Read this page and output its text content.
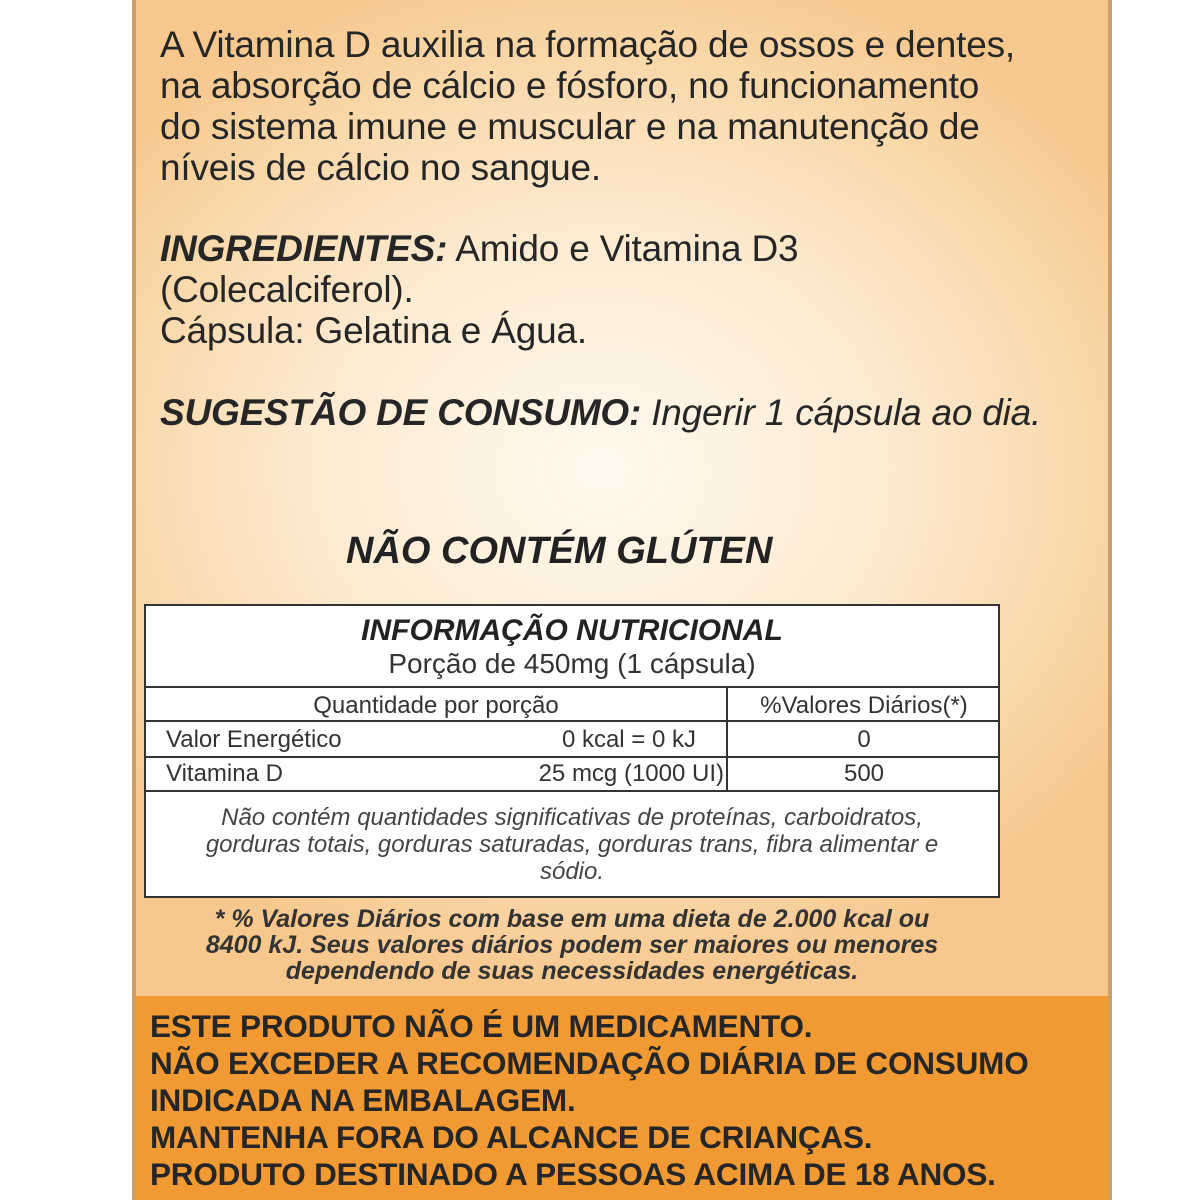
A Vitamina D auxilia na formação de ossos e dentes,
na absorção de cálcio e fósforo, no funcionamento
do sistema imune e muscular e na manutenção de
níveis de cálcio no sangue.
INGREDIENTES: Amido e Vitamina D3
(Colecalciferol).
Cápsula: Gelatina e Água.
SUGESTÃO DE CONSUMO: Ingerir 1 cápsula ao dia.
NÃO CONTÉM GLÚTEN
INFORMAÇÃO NUTRICIONAL
Porção de 450mg (1 cápsula)
Quantidade por porção	%Valores Diários(*)
Valor Energético	0 kcal = 0 kJ	0
Vitamina D	25 mcg (1000 UI)	500
Não contém quantidades significativas de proteínas, carboidratos,
gorduras totais, gorduras saturadas, gorduras trans, fibra alimentar e
sódio.
* % Valores Diários com base em uma dieta de 2.000 kcal ou
8400 kJ. Seus valores diários podem ser maiores ou menores
dependendo de suas necessidades energéticas.
ESTE PRODUTO NÃO É UM MEDICAMENTO.
NÃO EXCEDER A RECOMENDAÇÃO DIÁRIA DE CONSUMO
INDICADA NA EMBALAGEM.
MANTENHA FORA DO ALCANCE DE CRIANÇAS.
PRODUTO DESTINADO A PESSOAS ACIMA DE 18 ANOS.
